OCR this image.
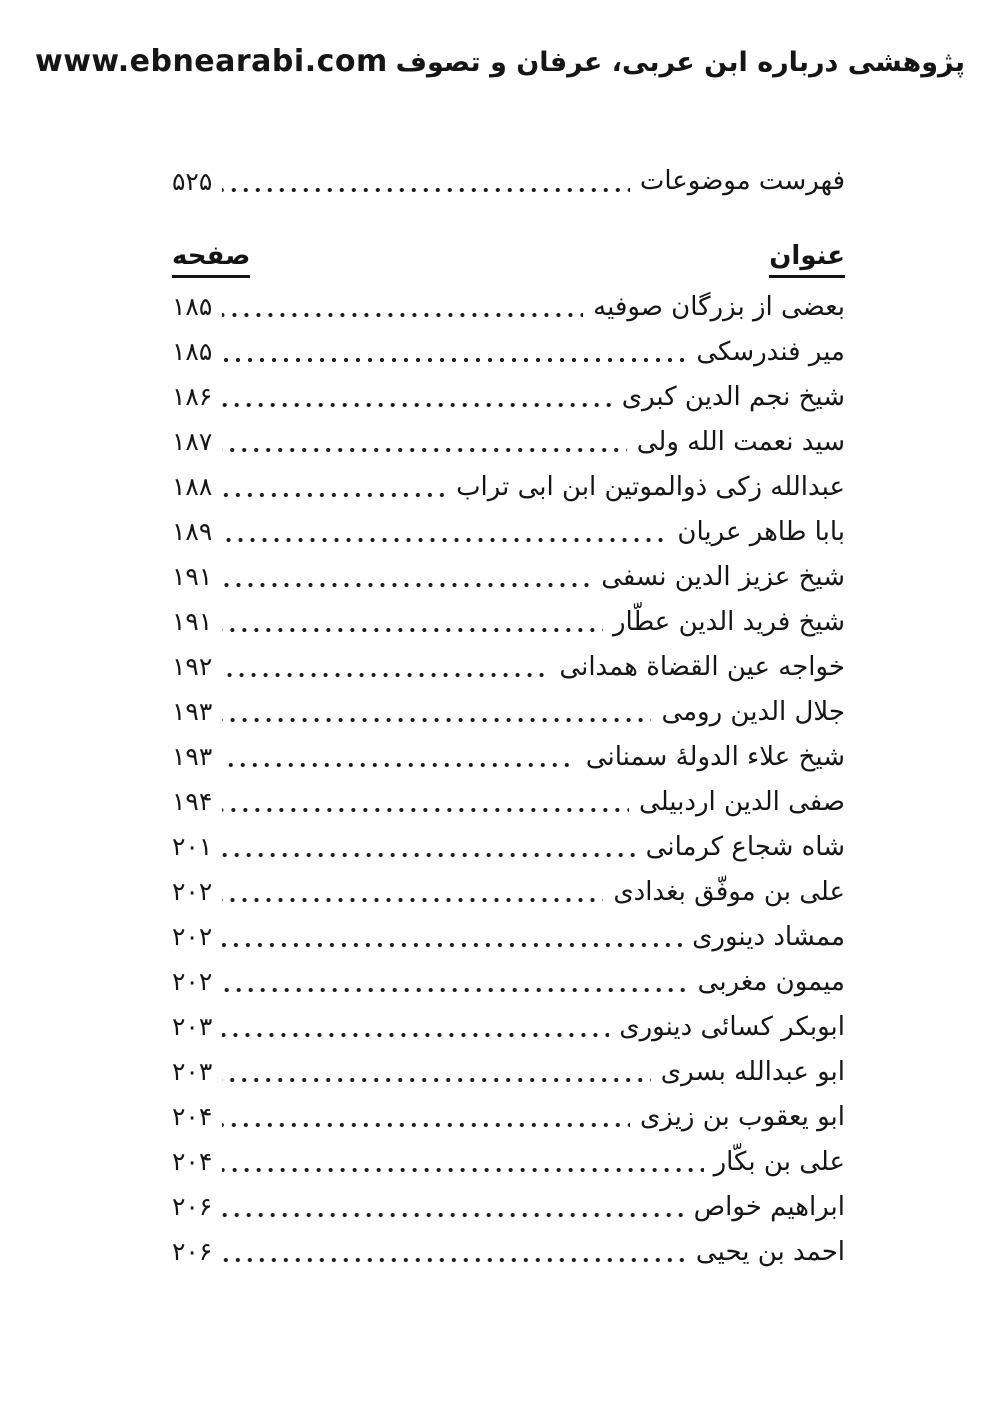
www.ebnearabi.com پژوهشی درباره ابن عربی، عرفان و تصوف
فهرست موضوعات
۵۲۵
عنوان
صفحه
بعضی از بزرگان صوفیه
۱۸۵
میر فندرسکی
۱۸۵
شیخ نجم الدین کبری
۱۸۶
سید نعمت الله ولی
۱۸۷
عبدالله زکی ذوالموتین ابن ابی تراب
۱۸۸
بابا طاهر عریان
۱۸۹
شیخ عزیز الدین نسفی
۱۹۱
شیخ فرید الدین عطّار
۱۹۱
خواجه عین القضاة همدانی
۱۹۲
جلال الدین رومی
۱۹۳
شیخ علاء الدولۀ سمنانی
۱۹۳
صفی الدین اردبیلی
۱۹۴
شاه شجاع کرمانی
۲۰۱
علی بن موفّق بغدادی
۲۰۲
ممشاد دینوری
۲۰۲
میمون مغربی
۲۰۲
ابوبکر کسائی دینوری
۲۰۳
ابو عبدالله بسری
۲۰۳
ابو یعقوب بن زیزی
۲۰۴
علی بن بکّار
۲۰۴
ابراهیم خواص
۲۰۶
احمد بن یحیی
۲۰۶
